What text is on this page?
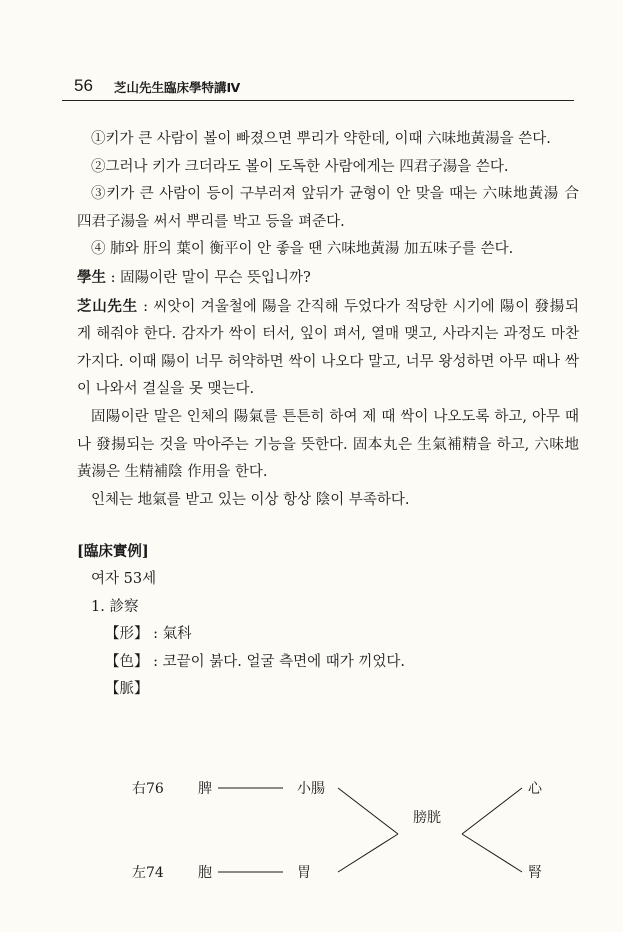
56 芝山先生臨床學特講Ⅳ

①키가 큰 사람이 볼이 빠졌으면 뿌리가 약한데, 이때 六味地黃湯을 쓴다.

②그러나 키가 크더라도 볼이 도독한 사람에게는 四君子湯을 쓴다.

③키가 큰 사람이 등이 구부러져 앞뒤가 균형이 안 맞을 때는 六味地黃湯 合 四君子湯을 써서 뿌리를 박고 등을 펴준다.

④ 肺와 肝의 葉이 衡平이 안 좋을 땐 六味地黃湯 加五味子를 쓴다.

學生 : 固陽이란 말이 무슨 뜻입니까?

芝山先生 : 씨앗이 겨울철에 陽을 간직해 두었다가 적당한 시기에 陽이 發揚되게 해줘야 한다. 감자가 싹이 터서, 잎이 펴서, 열매 맺고, 사라지는 과정도 마찬가지다. 이때 陽이 너무 허약하면 싹이 나오다 말고, 너무 왕성하면 아무 때나 싹이 나와서 결실을 못 맺는다.

固陽이란 말은 인체의 陽氣를 튼튼히 하여 제 때 싹이 나오도록 하고, 아무 때나 發揚되는 것을 막아주는 기능을 뜻한다. 固本丸은 生氣補精을 하고, 六味地黃湯은 生精補陰 作用을 한다.

인체는 地氣를 받고 있는 이상 항상 陰이 부족하다.

[臨床實例]

여자 53세

1. 診察

【形】 : 氣科

【色】 : 코끝이 붉다. 얼굴 측면에 때가 끼었다.

【脈】

右76 脾	小腸	心
膀胱
左74 胞	胃	腎
